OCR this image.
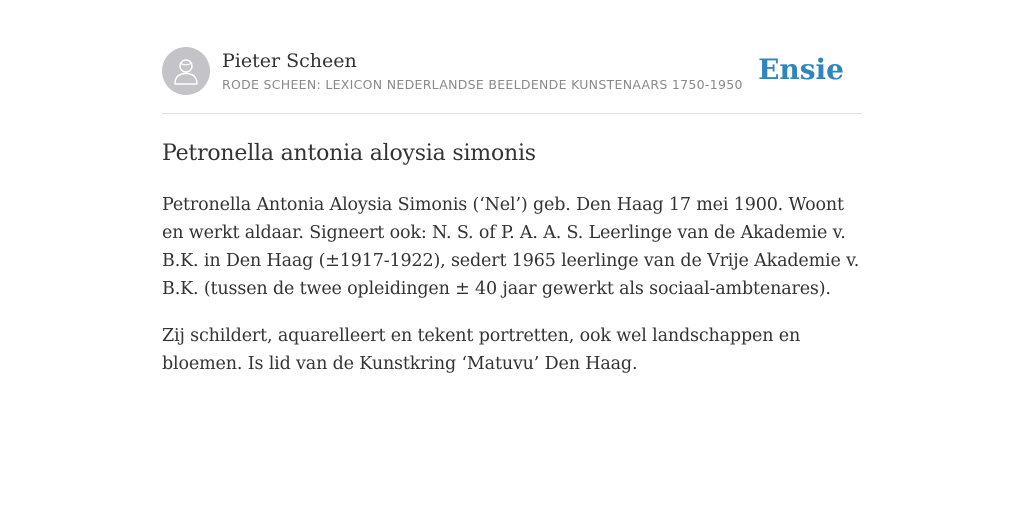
Pieter Scheen
RODE SCHEEN: LEXICON NEDERLANDSE BEELDENDE KUNSTENAARS 1750-1950 Ensie
Petronella antonia aloysia simonis

Petronella Antonia Aloysia Simonis (‘Nel’) geb. Den Haag 17 mei 1900. Woont en werkt aldaar. Signeert ook: N. S. of P. A. A. S. Leerlinge van de Akademie v. B.K. in Den Haag (±1917-1922), sedert 1965 leerlinge van de Vrije Akademie v. B.K. (tussen de twee opleidingen ± 40 jaar gewerkt als sociaal-ambtenares).

Zij schildert, aquarelleert en tekent portretten, ook wel landschappen en bloemen. Is lid van de Kunstkring ‘Matuvu’ Den Haag.
